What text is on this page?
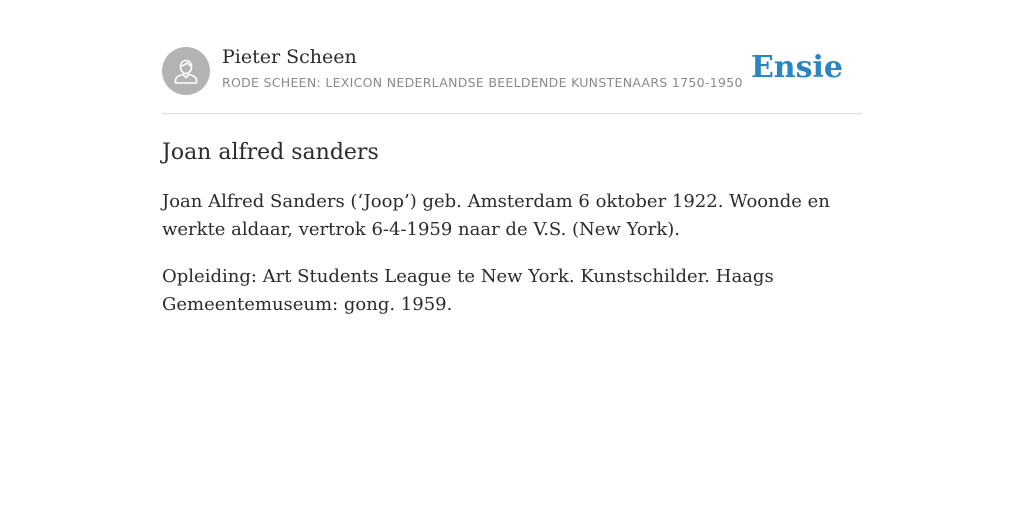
Pieter Scheen
RODE SCHEEN: LEXICON NEDERLANDSE BEELDENDE KUNSTENAARS 1750-1950 Ensie
Joan alfred sanders

Joan Alfred Sanders (‘Joop’) geb. Amsterdam 6 oktober 1922. Woonde en werkte aldaar, vertrok 6-4-1959 naar de V.S. (New York).

Opleiding: Art Students League te New York. Kunstschilder. Haags Gemeentemuseum: gong. 1959.
